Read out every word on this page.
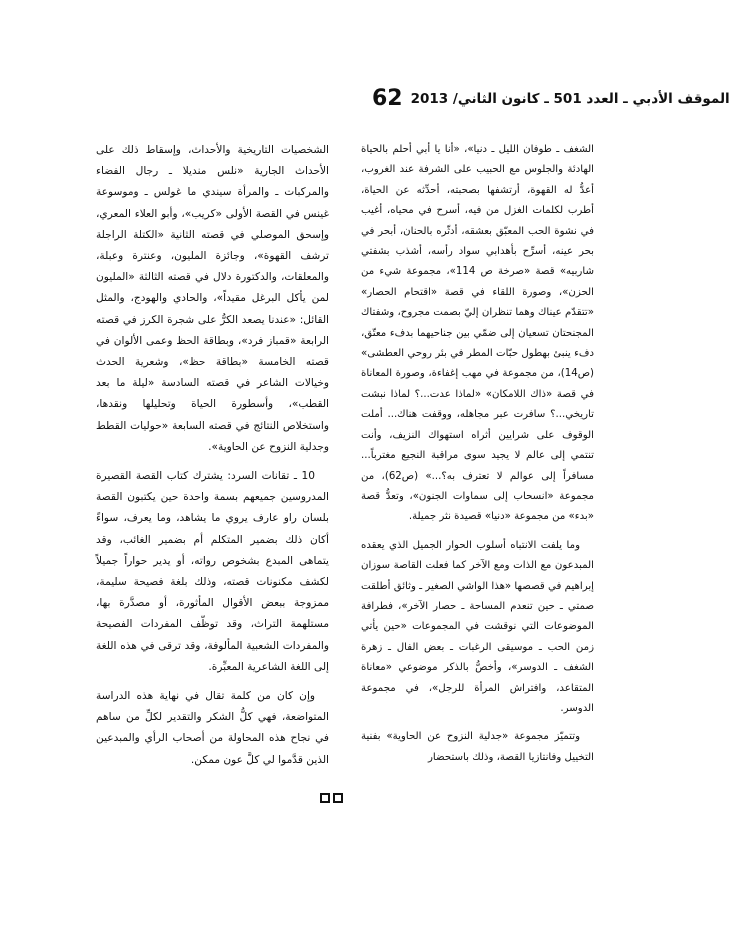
62 الموقف الأدبي ـ العدد 501 ـ كانون الثاني/ 2013

الشغف ـ طوفان الليل ـ دنيا»، «أنا يا أبي أحلم بالحياة الهادئة والجلوس مع الحبيب على الشرفة عند الغروب، أعدُّ له القهوة، أرتشفها بصحبته، أحدِّثه عن الحياة، أطرب لكلمات الغزل من فيه، أسرح في محياه، أغيب في نشوة الحب المعبّق بعشقه، أدثّره بالحنان، أبحر في بحر عينه، أسرِّح بأهدابي سواد رأسه، أشذب بشفتي شاربيه» قصة «صرخة ص 114»، مجموعة شيء من الحزن»، وصورة اللقاء في قصة «اقتحام الحصار» «تتقدّم عيناك وهما تنظران إليّ بصمت مجروح، وشفتاك المجنحتان تسعيان إلى ضمّي بين جناحيهما بدفء معتّق، دفء ينبئ بهطول حبّات المطر في بئر روحي العطشى» (ص14)، من مجموعة في مهب إغفاءة، وصورة المعاناة في قصة «ذاك اللامكان» «لماذا عدت...؟ لماذا نبشت تاريخي...؟ سافرت عبر مجاهله، ووقفت هناك... أملت الوقوف على شرايين أثراه استهواك النزيف، وأنت تنتمي إلى عالم لا يجيد سوى مراقبة النجيع مغترباً... مسافراً إلى عوالم لا تعترف به؟...» (ص62)، من مجموعة «انسحاب إلى سماوات الجنون»، وتعدُّ قصة «بدء» من مجموعة «دنيا» قصيدة نثر جميلة.

وما يلفت الانتباه أسلوب الحوار الجميل الذي يعقده المبدعون مع الذات ومع الآخر كما فعلت القاصة سوزان إبراهيم في قصصها «هذا الواشي الصغير ـ وثائق أطلقت صمتي ـ حين تنعدم المساحة ـ حصار الآخر»، فطرافة الموضوعات التي نوقشت في المجموعات «حين يأتي زمن الحب ـ موسيقى الرغبات ـ بعض الفال ـ زهرة الشغف ـ الدوسر»، وأخصُّ بالذكر موضوعي «معاناة المتقاعد، وافتراش المرأة للرجل»، في مجموعة الدوسر.

وتتميّز مجموعة «جدلية النزوح عن الحاوية» بفنية التخييل وفانتازيا القصة، وذلك باستحضار

الشخصيات التاريخية والأحداث، وإسقاط ذلك على الأحداث الجارية «نلس منديلا ـ رجال الفضاء والمركبات ـ والمرأة سيندي ما غولس ـ وموسوعة غينس في القصة الأولى «كريب»، وأبو العلاء المعري، وإسحق الموصلي في قصته الثانية «الكتلة الراجلة ترشف القهوة»، وجائزة المليون، وعنترة وعبلة، والمعلقات، والدكتورة دلال في قصته الثالثة «المليون لمن يأكل البرغل مقيداً»، والحادي والهودج، والمثل القائل: «عندنا يصعد الكرُّ على شجرة الكرز في قصته الرابعة «قمباز فرد»، وبطاقة الحظ وعمى الألوان في قصته الخامسة «بطاقة حظ»، وشعرية الحدث وخيالات الشاعر في قصته السادسة «ليلة ما بعد القطب»، وأسطورة الحياة وتحليلها ونقدها، واستخلاص النتائج في قصته السابعة «حوليات القطط وجدلية النزوح عن الحاوية».

10 ـ تقانات السرد: يشترك كتاب القصة القصيرة المدروسين جميعهم بسمة واحدة حين يكتبون القصة بلسان راو عارف يروي ما يشاهد، وما يعرف، سواءً أكان ذلك بضمير المتكلم أم بضمير الغائب، وقد يتماهى المبدع بشخوص رواته، أو يدير حواراً جميلاً لكشف مكنونات قصته، وذلك بلغة فصيحة سليمة، ممزوجة ببعض الأقوال المأثورة، أو مصدَّرة بها، مستلهمة التراث، وقد توظّف المفردات الفصيحة والمفردات الشعبية المألوفة، وقد ترقى في هذه اللغة إلى اللغة الشاعرية المعبِّرة.

وإن كان من كلمة تقال في نهاية هذه الدراسة المتواضعة، فهي كلُّ الشكر والتقدير لكلِّ من ساهم في نجاح هذه المحاولة من أصحاب الرأي والمبدعين الذين قدَّموا لي كلَّ عون ممكن.
